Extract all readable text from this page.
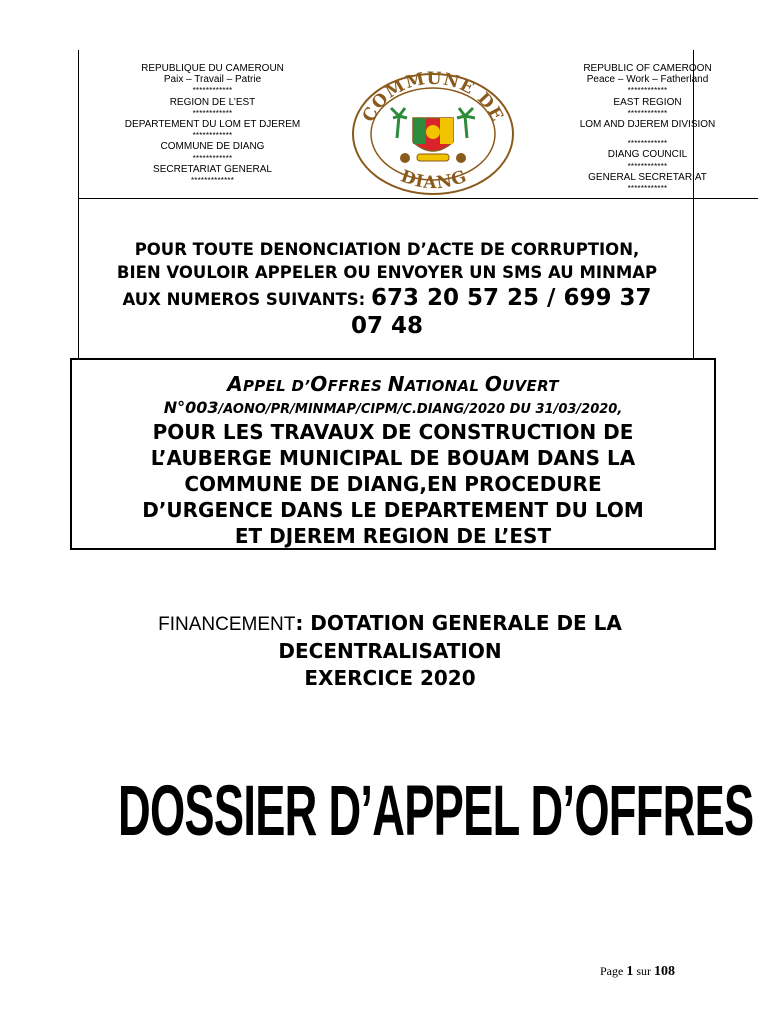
REPUBLIQUE DU CAMEROUN
Paix – Travail – Patrie
************
REGION DE L’EST
************
DEPARTEMENT DU LOM ET DJEREM
************
COMMUNE DE DIANG
************
SECRETARIAT GENERAL
*************
COMMUNE DE
DIANG
REPUBLIC OF CAMEROON
Peace – Work – Fatherland
************
EAST REGION
************
LOM AND DJEREM DIVISION
************
DIANG COUNCIL
************
GENERAL SECRETARIAT
************
POUR TOUTE DENONCIATION D’ACTE DE CORRUPTION,
BIEN VOULOIR APPELER OU ENVOYER UN SMS AU MINMAP
AUX NUMEROS SUIVANTS: 673 20 57 25 / 699 37
07 48
APPEL D’OFFRES NATIONAL OUVERT
N°003/AONO/PR/MINMAP/CIPM/C.DIANG/2020 DU 31/03/2020,
POUR LES TRAVAUX DE CONSTRUCTION DE
L’AUBERGE MUNICIPAL DE BOUAM DANS LA
COMMUNE DE DIANG,EN PROCEDURE
D’URGENCE DANS LE DEPARTEMENT DU LOM
ET DJEREM REGION DE L’EST
FINANCEMENT: DOTATION GENERALE DE LA
DECENTRALISATION
EXERCICE 2020
DOSSIER D’APPEL D’OFFRES
Page 1 sur 108
